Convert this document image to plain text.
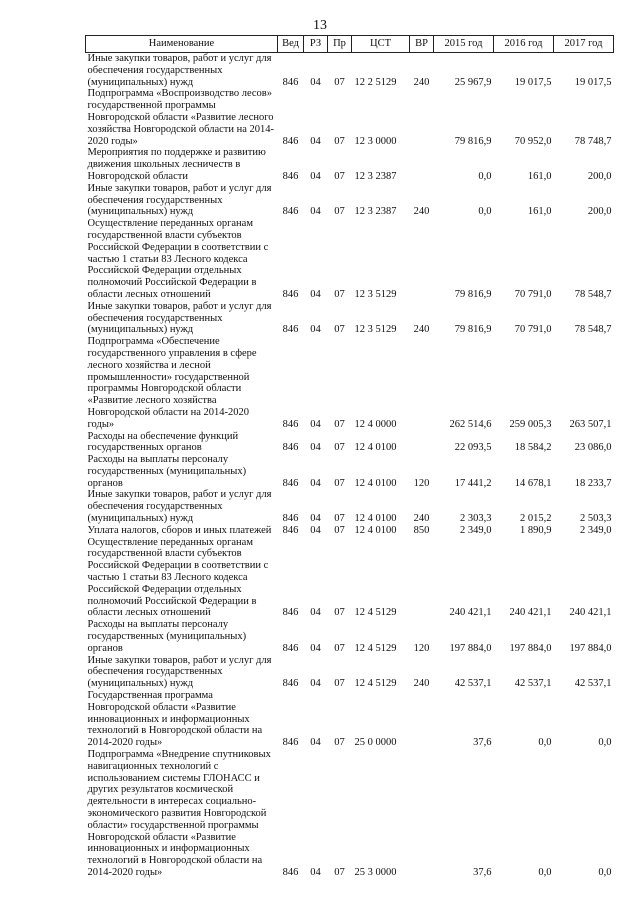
13
Наименование	Вед	РЗ	Пр	ЦСТ	ВР	2015 год	2016 год	2017 год
Иные закупки товаров, работ и услуг для обеспечения государственных (муниципальных) нужд	846	04	07	12 2 5129	240	25 967,9	19 017,5	19 017,5
Подпрограмма «Воспроизводство лесов» государственной программы Новгородской области «Развитие лесного хозяйства Новгородской области на 2014-2020 годы»	846	04	07	12 3 0000		79 816,9	70 952,0	78 748,7
Мероприятия по поддержке и развитию движения школьных лесничеств в Новгородской области	846	04	07	12 3 2387		0,0	161,0	200,0
Иные закупки товаров, работ и услуг для обеспечения государственных (муниципальных) нужд	846	04	07	12 3 2387	240	0,0	161,0	200,0
Осуществление переданных органам государственной власти субъектов Российской Федерации в соответствии с частью 1 статьи 83 Лесного кодекса Российской Федерации отдельных полномочий Российской Федерации в области лесных отношений	846	04	07	12 3 5129		79 816,9	70 791,0	78 548,7
Иные закупки товаров, работ и услуг для обеспечения государственных (муниципальных) нужд	846	04	07	12 3 5129	240	79 816,9	70 791,0	78 548,7
Подпрограмма «Обеспечение государственного управления в сфере лесного хозяйства и лесной промышленности» государственной программы Новгородской области «Развитие лесного хозяйства Новгородской области на 2014-2020 годы»	846	04	07	12 4 0000		262 514,6	259 005,3	263 507,1
Расходы на обеспечение функций государственных органов	846	04	07	12 4 0100		22 093,5	18 584,2	23 086,0
Расходы на выплаты персоналу государственных (муниципальных) органов	846	04	07	12 4 0100	120	17 441,2	14 678,1	18 233,7
Иные закупки товаров, работ и услуг для обеспечения государственных (муниципальных) нужд	846	04	07	12 4 0100	240	2 303,3	2 015,2	2 503,3
Уплата налогов, сборов и иных платежей	846	04	07	12 4 0100	850	2 349,0	1 890,9	2 349,0
Осуществление переданных органам государственной власти субъектов Российской Федерации в соответствии с частью 1 статьи 83 Лесного кодекса Российской Федерации отдельных полномочий Российской Федерации в области лесных отношений	846	04	07	12 4 5129		240 421,1	240 421,1	240 421,1
Расходы на выплаты персоналу государственных (муниципальных) органов	846	04	07	12 4 5129	120	197 884,0	197 884,0	197 884,0
Иные закупки товаров, работ и услуг для обеспечения государственных (муниципальных) нужд	846	04	07	12 4 5129	240	42 537,1	42 537,1	42 537,1
Государственная программа Новгородской области «Развитие инновационных и информационных технологий в Новгородской области на 2014-2020 годы»	846	04	07	25 0 0000		37,6	0,0	0,0
Подпрограмма «Внедрение спутниковых навигационных технологий с использованием системы ГЛОНАСС и других результатов космической деятельности в интересах социально-экономического развития Новгородской области» государственной программы Новгородской области «Развитие инновационных и информационных технологий в Новгородской области на 2014-2020 годы»	846	04	07	25 3 0000		37,6	0,0	0,0
